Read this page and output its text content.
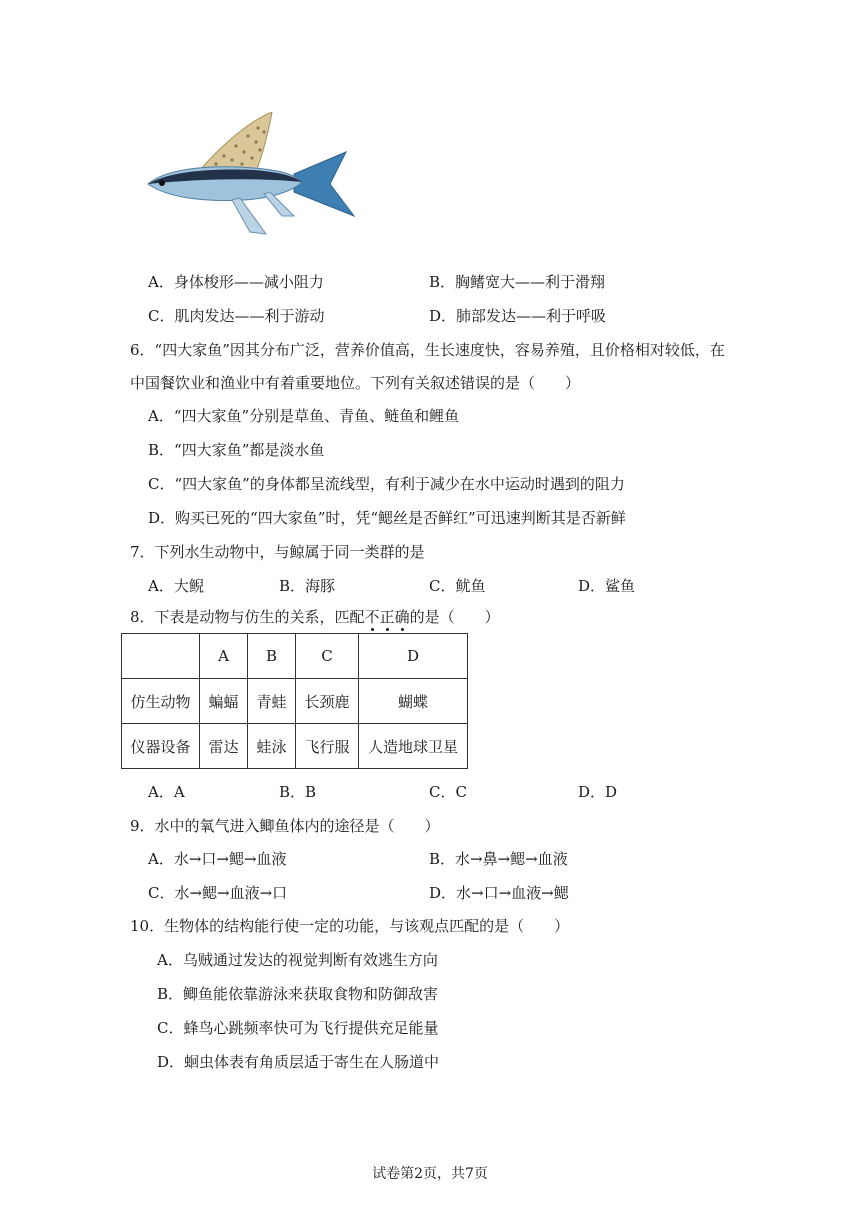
A．身体梭形——减小阻力	B．胸鳍宽大——利于滑翔
C．肌肉发达——利于游动	D．肺部发达——利于呼吸
6．“四大家鱼”因其分布广泛，营养价值高，生长速度快，容易养殖，且价格相对较低，在
中国餐饮业和渔业中有着重要地位。下列有关叙述错误的是（　　）
A．“四大家鱼”分别是草鱼、青鱼、鲢鱼和鲤鱼
B．“四大家鱼”都是淡水鱼
C．“四大家鱼”的身体都呈流线型，有利于减少在水中运动时遇到的阻力
D．购买已死的“四大家鱼”时，凭“鳃丝是否鲜红”可迅速判断其是否新鲜
7．下列水生动物中，与鲸属于同一类群的是
A．大鲵	B．海豚	C．鱿鱼	D．鲨鱼
8．下表是动物与仿生的关系，匹配不
正
确
的是（　　）
	A	B	C	D
仿生动物	蝙蝠	青蛙	长颈鹿	蝴蝶
仪器设备	雷达	蛙泳	飞行服	人造地球卫星
A．A	B．B	C．C	D．D
9．水中的氧气进入鲫鱼体内的途径是（　　）
A．水→口→鳃→血液	B．水→鼻→鳃→血液
C．水→鳃→血液→口	D．水→口→血液→鳃
10．生物体的结构能行使一定的功能，与该观点匹配的是（　　）
A．乌贼通过发达的视觉判断有效逃生方向
B．鲫鱼能依靠游泳来获取食物和防御敌害
C．蜂鸟心跳频率快可为飞行提供充足能量
D．蛔虫体表有角质层适于寄生在人肠道中
试卷第2页，共7页
